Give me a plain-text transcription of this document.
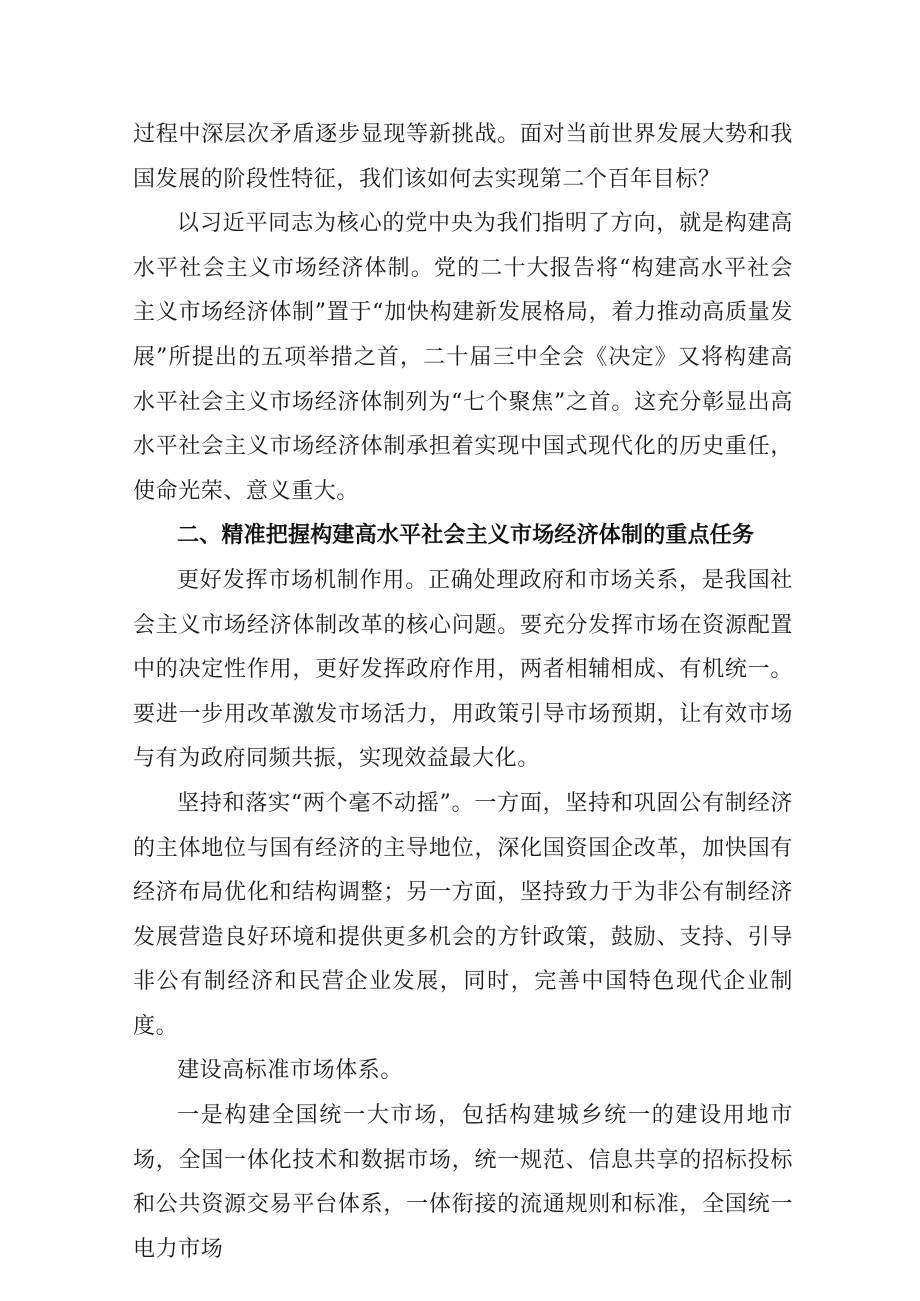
过程中深层次矛盾逐步显现等新挑战。面对当前世界发展大势和我国发展的阶段性特征，我们该如何去实现第二个百年目标？

以习近平同志为核心的党中央为我们指明了方向，就是构建高水平社会主义市场经济体制。党的二十大报告将“构建高水平社会主义市场经济体制”置于“加快构建新发展格局，着力推动高质量发展”所提出的五项举措之首，二十届三中全会《决定》又将构建高水平社会主义市场经济体制列为“七个聚焦”之首。这充分彰显出高水平社会主义市场经济体制承担着实现中国式现代化的历史重任，使命光荣、意义重大。

二、精准把握构建高水平社会主义市场经济体制的重点任务

更好发挥市场机制作用。正确处理政府和市场关系，是我国社会主义市场经济体制改革的核心问题。要充分发挥市场在资源配置中的决定性作用，更好发挥政府作用，两者相辅相成、有机统一。要进一步用改革激发市场活力，用政策引导市场预期，让有效市场与有为政府同频共振，实现效益最大化。

坚持和落实“两个毫不动摇”。一方面，坚持和巩固公有制经济的主体地位与国有经济的主导地位，深化国资国企改革，加快国有经济布局优化和结构调整；另一方面，坚持致力于为非公有制经济发展营造良好环境和提供更多机会的方针政策，鼓励、支持、引导非公有制经济和民营企业发展，同时，完善中国特色现代企业制度。

建设高标准市场体系。

一是构建全国统一大市场，包括构建城乡统一的建设用地市场，全国一体化技术和数据市场，统一规范、信息共享的招标投标和公共资源交易平台体系，一体衔接的流通规则和标准，全国统一电力市场
